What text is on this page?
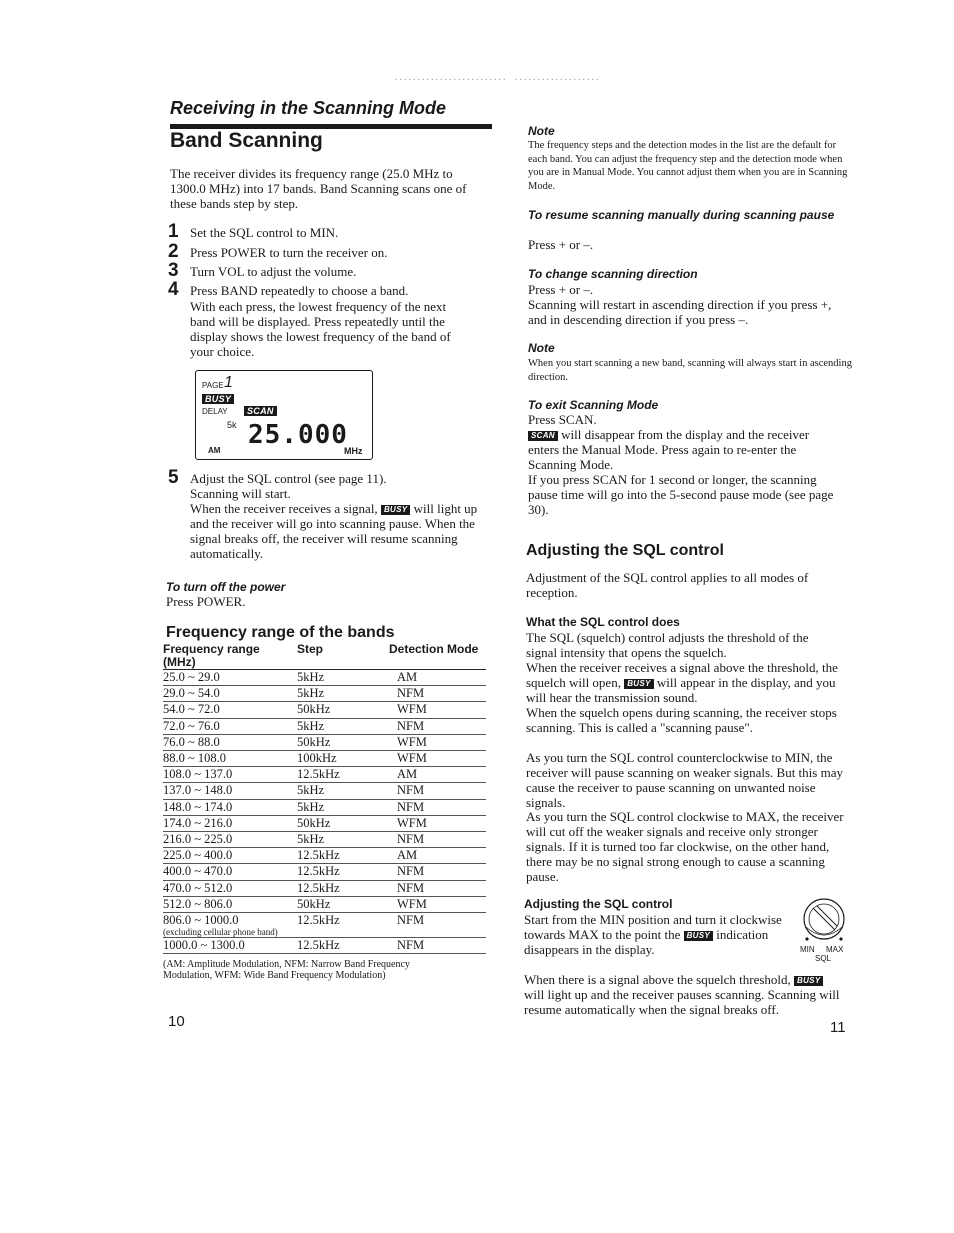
......................... ...................
Receiving in the Scanning Mode
Band Scanning

The receiver divides its frequency range (25.0 MHz to 1300.0 MHz) into 17 bands. Band Scanning scans one of these bands step by step.

1 Set the SQL control to MIN.

2 Press POWER to turn the receiver on.

3 Turn VOL to adjust the volume.

4 Press BAND repeatedly to choose a band.

With each press, the lowest frequency of the next band will be displayed. Press repeatedly until the display shows the lowest frequency of the band of your choice.

PAGE 1
BUSY
DELAY	SCAN
5k
AM
25.000
MHz
5 Adjust the SQL control (see page 11).

Scanning will start.

When the receiver receives a signal, BUSY will light up and the receiver will go into scanning pause. When the signal breaks off, the receiver will resume scanning automatically.

To turn off the power

Press POWER.

Frequency range of the bands
Frequency range
(MHz)	Step	Detection Mode
25.0 ~ 29.0	5kHz	AM
29.0 ~ 54.0	5kHz	NFM
54.0 ~ 72.0	50kHz	WFM
72.0 ~ 76.0	5kHz	NFM
76.0 ~ 88.0	50kHz	WFM
88.0 ~ 108.0	100kHz	WFM
108.0 ~ 137.0	12.5kHz	AM
137.0 ~ 148.0	5kHz	NFM
148.0 ~ 174.0	5kHz	NFM
174.0 ~ 216.0	50kHz	WFM
216.0 ~ 225.0	5kHz	NFM
225.0 ~ 400.0	12.5kHz	AM
400.0 ~ 470.0	12.5kHz	NFM
470.0 ~ 512.0	12.5kHz	NFM
512.0 ~ 806.0	50kHz	WFM
806.0 ~ 1000.0
(excluding cellular phone band)	12.5kHz	NFM
1000.0 ~ 1300.0	12.5kHz	NFM

(AM: Amplitude Modulation, NFM: Narrow Band Frequency Modulation, WFM: Wide Band Frequency Modulation)

10
Note

The frequency steps and the detection modes in the list are the default for each band. You can adjust the frequency step and the detection mode when you are in Manual Mode. You cannot adjust them when you are in Scanning Mode.

To resume scanning manually during scanning pause

Press + or –.

To change scanning direction

Press + or –.

Scanning will restart in ascending direction if you press +, and in descending direction if you press –.

Note

When you start scanning a new band, scanning will always start in ascending direction.

To exit Scanning Mode

Press SCAN.

SCAN will disappear from the display and the receiver enters the Manual Mode. Press again to re-enter the Scanning Mode.

If you press SCAN for 1 second or longer, the scanning pause time will go into the 5-second pause mode (see page 30).

Adjusting the SQL control

Adjustment of the SQL control applies to all modes of reception.

What the SQL control does

The SQL (squelch) control adjusts the threshold of the signal intensity that opens the squelch.

When the receiver receives a signal above the threshold, the squelch will open, BUSY will appear in the display, and you will hear the transmission sound.

When the squelch opens during scanning, the receiver stops scanning. This is called a "scanning pause".

As you turn the SQL control counterclockwise to MIN, the receiver will pause scanning on weaker signals. But this may cause the receiver to pause scanning on unwanted noise signals.

As you turn the SQL control clockwise to MAX, the receiver will cut off the weaker signals and receive only stronger signals. If it is turned too far clockwise, on the other hand, there may be no signal strong enough to cause a scanning pause.

Adjusting the SQL control

Start from the MIN position and turn it clockwise towards MAX to the point the BUSY indication disappears in the display.	MIN MAX
SQL

When there is a signal above the squelch threshold, BUSY will light up and the receiver pauses scanning. Scanning will resume automatically when the signal breaks off.

11
